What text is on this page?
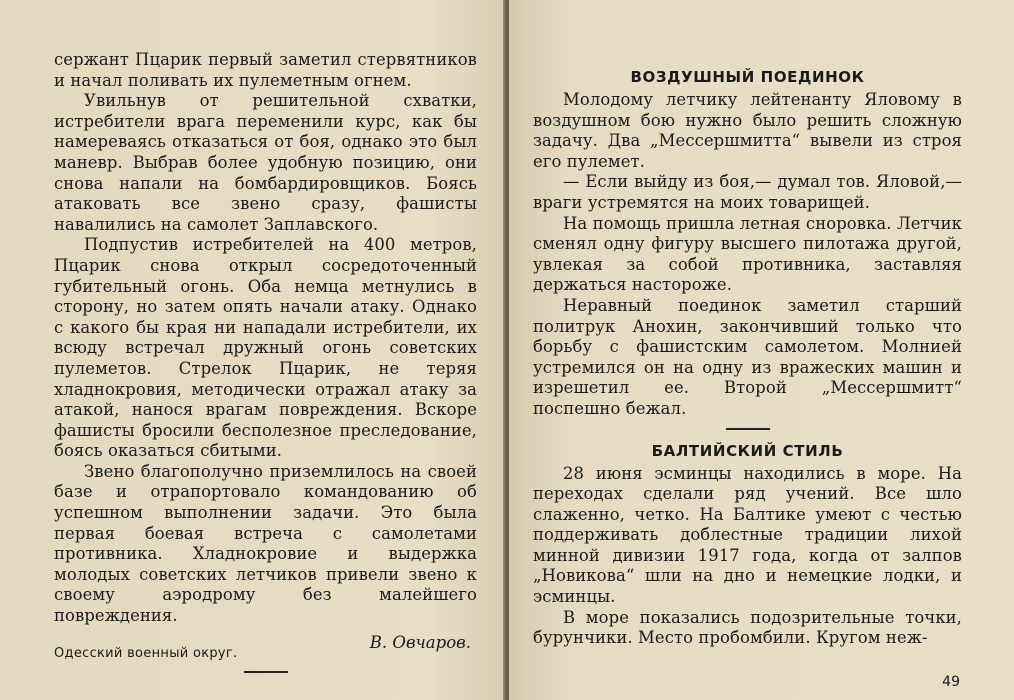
сержант Пцарик первый заметил стервятников и начал поливать их пулеметным огнем.

Увильнув от решительной схватки, истребители врага переменили курс, как бы намереваясь отказаться от боя, однако это был маневр. Выбрав более удобную позицию, они снова напали на бомбардировщиков. Боясь атаковать все звено сразу, фашисты навалились на самолет Заплавского.

Подпустив истребителей на 400 метров, Пцарик снова открыл сосредоточенный губительный огонь. Оба немца метнулись в сторону, но затем опять начали атаку. Однако с какого бы края ни нападали истребители, их всюду встречал дружный огонь советских пулеметов. Стрелок Пцарик, не теряя хладнокровия, методически отражал атаку за атакой, нанося врагам повреждения. Вскоре фашисты бросили бесполезное преследование, боясь оказаться сбитыми.

Звено благополучно приземлилось на своей базе и отрапортовало командованию об успешном выполнении задачи. Это была первая боевая встреча с самолетами противника. Хладнокровие и выдержка молодых советских летчиков привели звено к своему аэродрому без малейшего повреждения.

В. Овчаров.
Одесский военный округ.
ВОЗДУШНЫЙ ПОЕДИНОК

Молодому летчику лейтенанту Яловому в воздушном бою нужно было решить сложную задачу. Два „Мессершмитта“ вывели из строя его пулемет.

— Если выйду из боя,— думал тов. Яловой,— враги устремятся на моих товарищей.

На помощь пришла летная сноровка. Летчик сменял одну фигуру высшего пилотажа другой, увлекая за собой противника, заставляя держаться настороже.

Неравный поединок заметил старший политрук Анохин, закончивший только что борьбу с фашистским самолетом. Молнией устремился он на одну из вражеских машин и изрешетил ее. Второй „Мессершмитт“ поспешно бежал.

БАЛТИЙСКИЙ СТИЛЬ

28 июня эсминцы находились в море. На переходах сделали ряд учений. Все шло слаженно, четко. На Балтике умеют с честью поддерживать доблестные традиции лихой минной дивизии 1917 года, когда от залпов „Новикова“ шли на дно и немецкие лодки, и эсминцы.

В море показались подозрительные точки, бурунчики. Место пробомбили. Кругом неж-

49
